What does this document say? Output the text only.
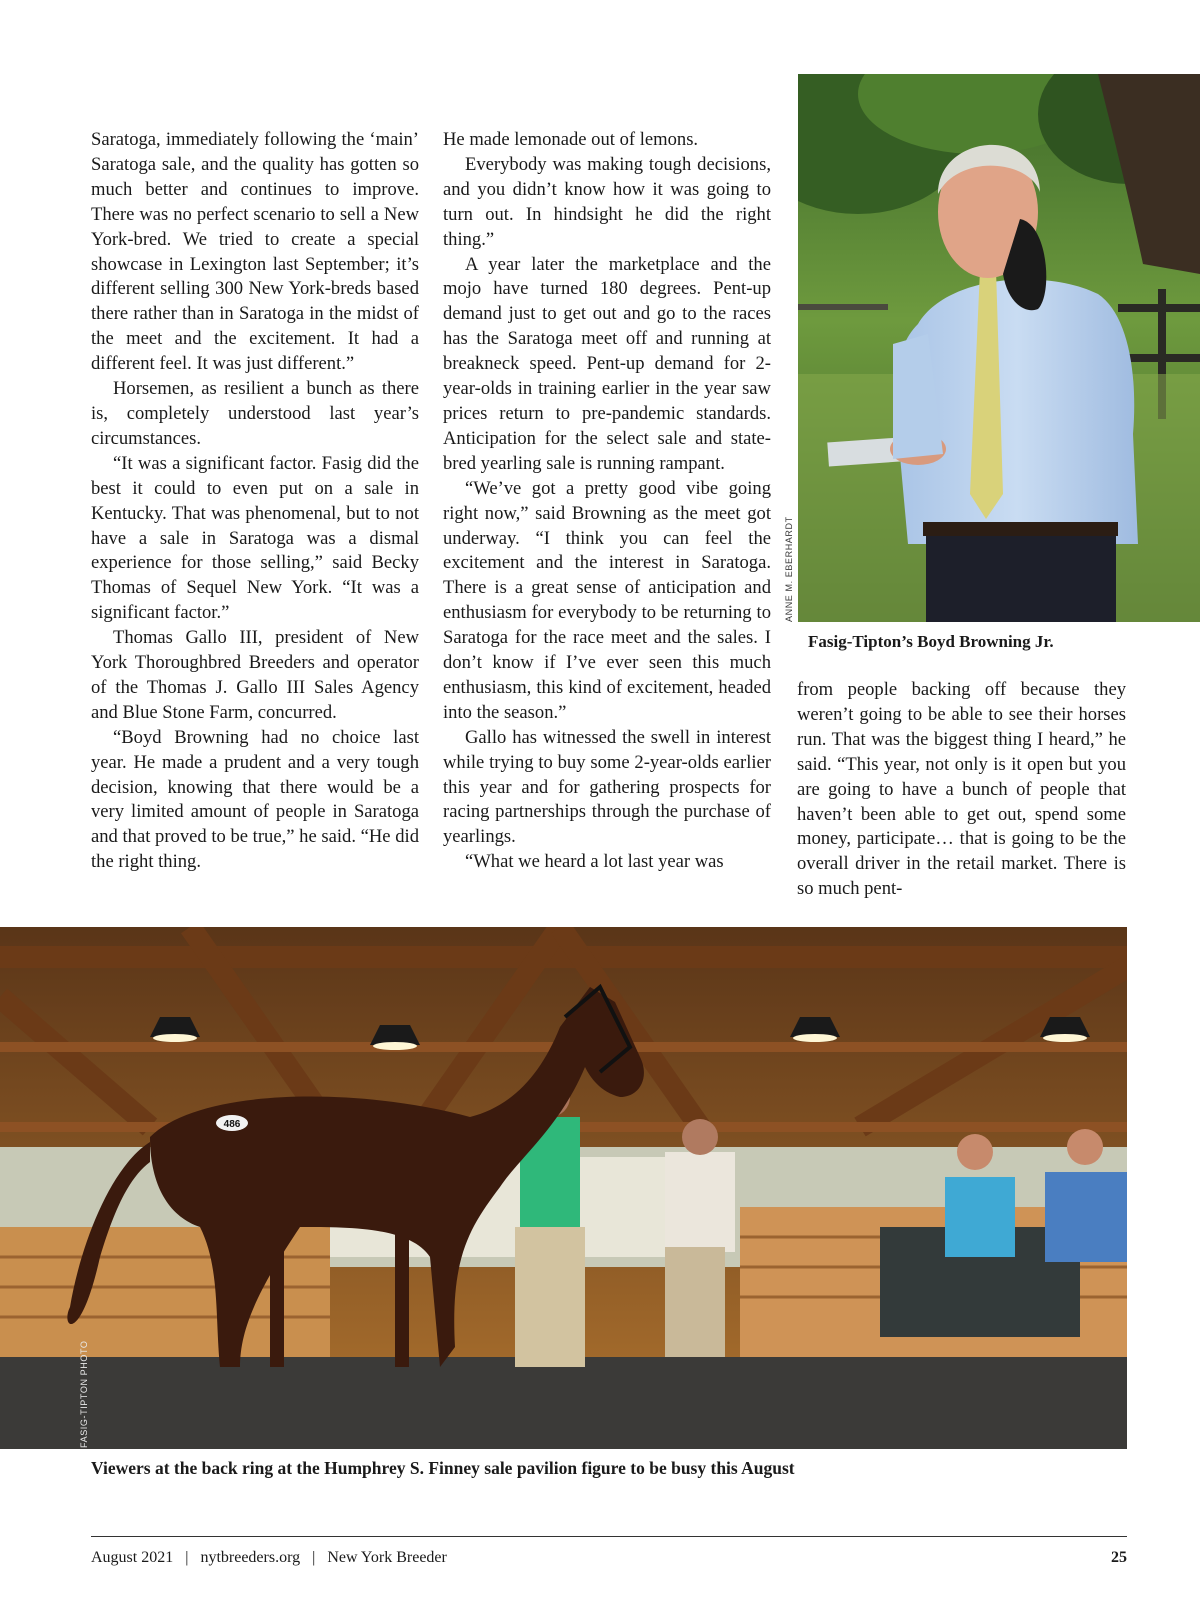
Saratoga, immediately following the ‘main’ Saratoga sale, and the quality has gotten so much better and continues to improve. There was no perfect scenario to sell a New York-bred. We tried to create a special showcase in Lexington last September; it’s different selling 300 New York-breds based there rather than in Saratoga in the midst of the meet and the excitement. It had a different feel. It was just different.”

Horsemen, as resilient a bunch as there is, completely understood last year’s circumstances.

“It was a significant factor. Fasig did the best it could to even put on a sale in Kentucky. That was phenomenal, but to not have a sale in Saratoga was a dismal experience for those selling,” said Becky Thomas of Sequel New York. “It was a significant factor.”

Thomas Gallo III, president of New York Thoroughbred Breeders and operator of the Thomas J. Gallo III Sales Agency and Blue Stone Farm, concurred.

“Boyd Browning had no choice last year. He made a prudent and a very tough decision, knowing that there would be a very limited amount of people in Saratoga and that proved to be true,” he said. “He did the right thing.

He made lemonade out of lemons.

Everybody was making tough decisions, and you didn’t know how it was going to turn out. In hindsight he did the right thing.”

A year later the marketplace and the mojo have turned 180 degrees. Pent-up demand just to get out and go to the races has the Saratoga meet off and running at breakneck speed. Pent-up demand for 2-year-olds in training earlier in the year saw prices return to pre-pandemic standards. Anticipation for the select sale and state-bred yearling sale is running rampant.

“We’ve got a pretty good vibe going right now,” said Browning as the meet got underway. “I think you can feel the excitement and the interest in Saratoga. There is a great sense of anticipation and enthusiasm for everybody to be returning to Saratoga for the race meet and the sales. I don’t know if I’ve ever seen this much enthusiasm, this kind of excitement, headed into the season.”

Gallo has witnessed the swell in interest while trying to buy some 2-year-olds earlier this year and for gathering prospects for racing partnerships through the purchase of yearlings.

“What we heard a lot last year was

ANNE M. EBERHARDT
Fasig-Tipton’s Boyd Browning Jr.

from people backing off because they weren’t going to be able to see their horses run. That was the biggest thing I heard,” he said. “This year, not only is it open but you are going to have a bunch of people that haven’t been able to get out, spend some money, participate… that is going to be the overall driver in the retail market. There is so much pent-

486
FASIG-TIPTON PHOTO
Viewers at the back ring at the Humphrey S. Finney sale pavilion figure to be busy this August
August 2021 | nytbreeders.org | New York Breeder	25
